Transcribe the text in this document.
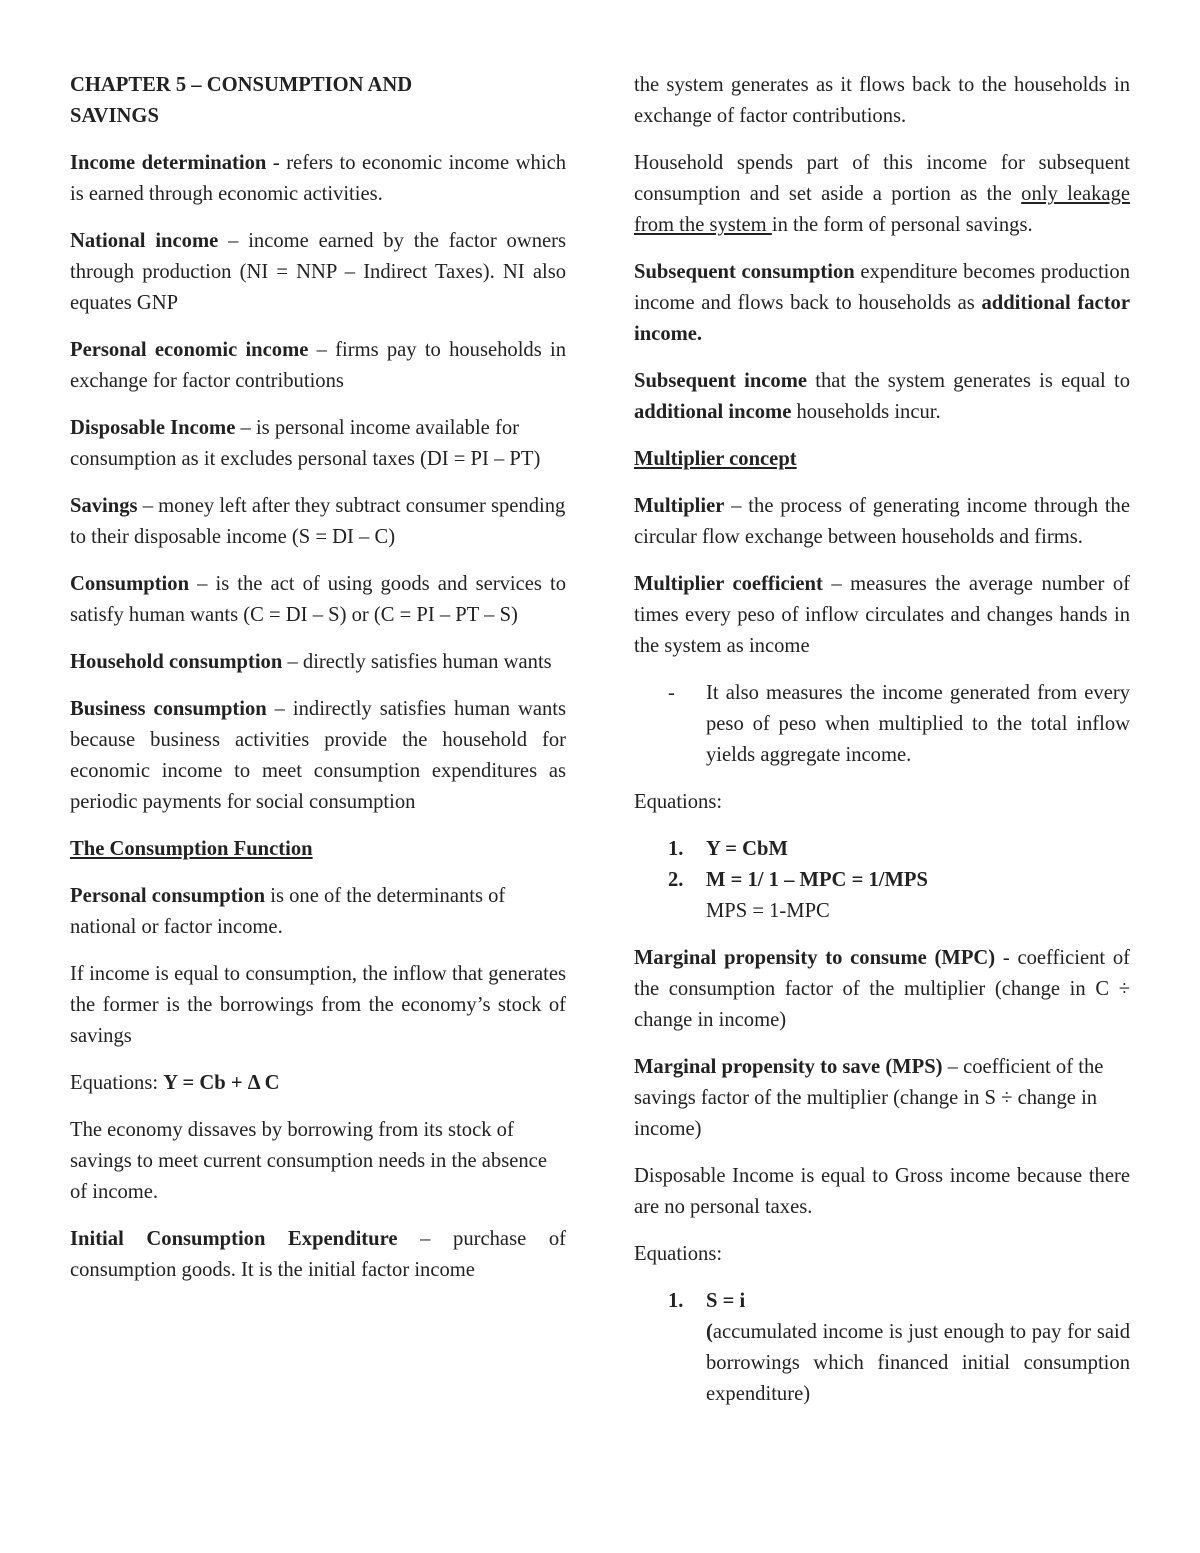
CHAPTER 5 – CONSUMPTION AND
SAVINGS

Income determination - refers to economic income which is earned through economic activities.

National income – income earned by the factor owners through production (NI = NNP – Indirect Taxes). NI also equates GNP

Personal economic income – firms pay to households in exchange for factor contributions

Disposable Income – is personal income available for consumption as it excludes personal taxes (DI = PI – PT)

Savings – money left after they subtract consumer spending to their disposable income (S = DI – C)

Consumption – is the act of using goods and services to satisfy human wants (C = DI – S) or (C = PI – PT – S)

Household consumption – directly satisfies human wants

Business consumption – indirectly satisfies human wants because business activities provide the household for economic income to meet consumption expenditures as periodic payments for social consumption

The Consumption Function

Personal consumption is one of the determinants of national or factor income.

If income is equal to consumption, the inflow that generates the former is the borrowings from the economy’s stock of savings

Equations: Y = Cb + Δ C

The economy dissaves by borrowing from its stock of savings to meet current consumption needs in the absence of income.

Initial Consumption Expenditure – purchase of consumption goods. It is the initial factor income

the system generates as it flows back to the households in exchange of factor contributions.

Household spends part of this income for subsequent consumption and set aside a portion as the only leakage from the system in the form of personal savings.

Subsequent consumption expenditure becomes production income and flows back to households as additional factor income.

Subsequent income that the system generates is equal to additional income households incur.

Multiplier concept

Multiplier – the process of generating income through the circular flow exchange between households and firms.

Multiplier coefficient – measures the average number of times every peso of inflow circulates and changes hands in the system as income

- It also measures the income generated from every peso of peso when multiplied to the total inflow yields aggregate income.

Equations:

1. Y = CbM
2. M = 1/ 1 – MPC = 1/MPS
MPS = 1-MPC

Marginal propensity to consume (MPC) - coefficient of the consumption factor of the multiplier (change in C ÷ change in income)

Marginal propensity to save (MPS) – coefficient of the savings factor of the multiplier (change in S ÷ change in income)

Disposable Income is equal to Gross income because there are no personal taxes.

Equations:

1. S = i
(accumulated income is just enough to pay for said borrowings which financed initial consumption expenditure)
